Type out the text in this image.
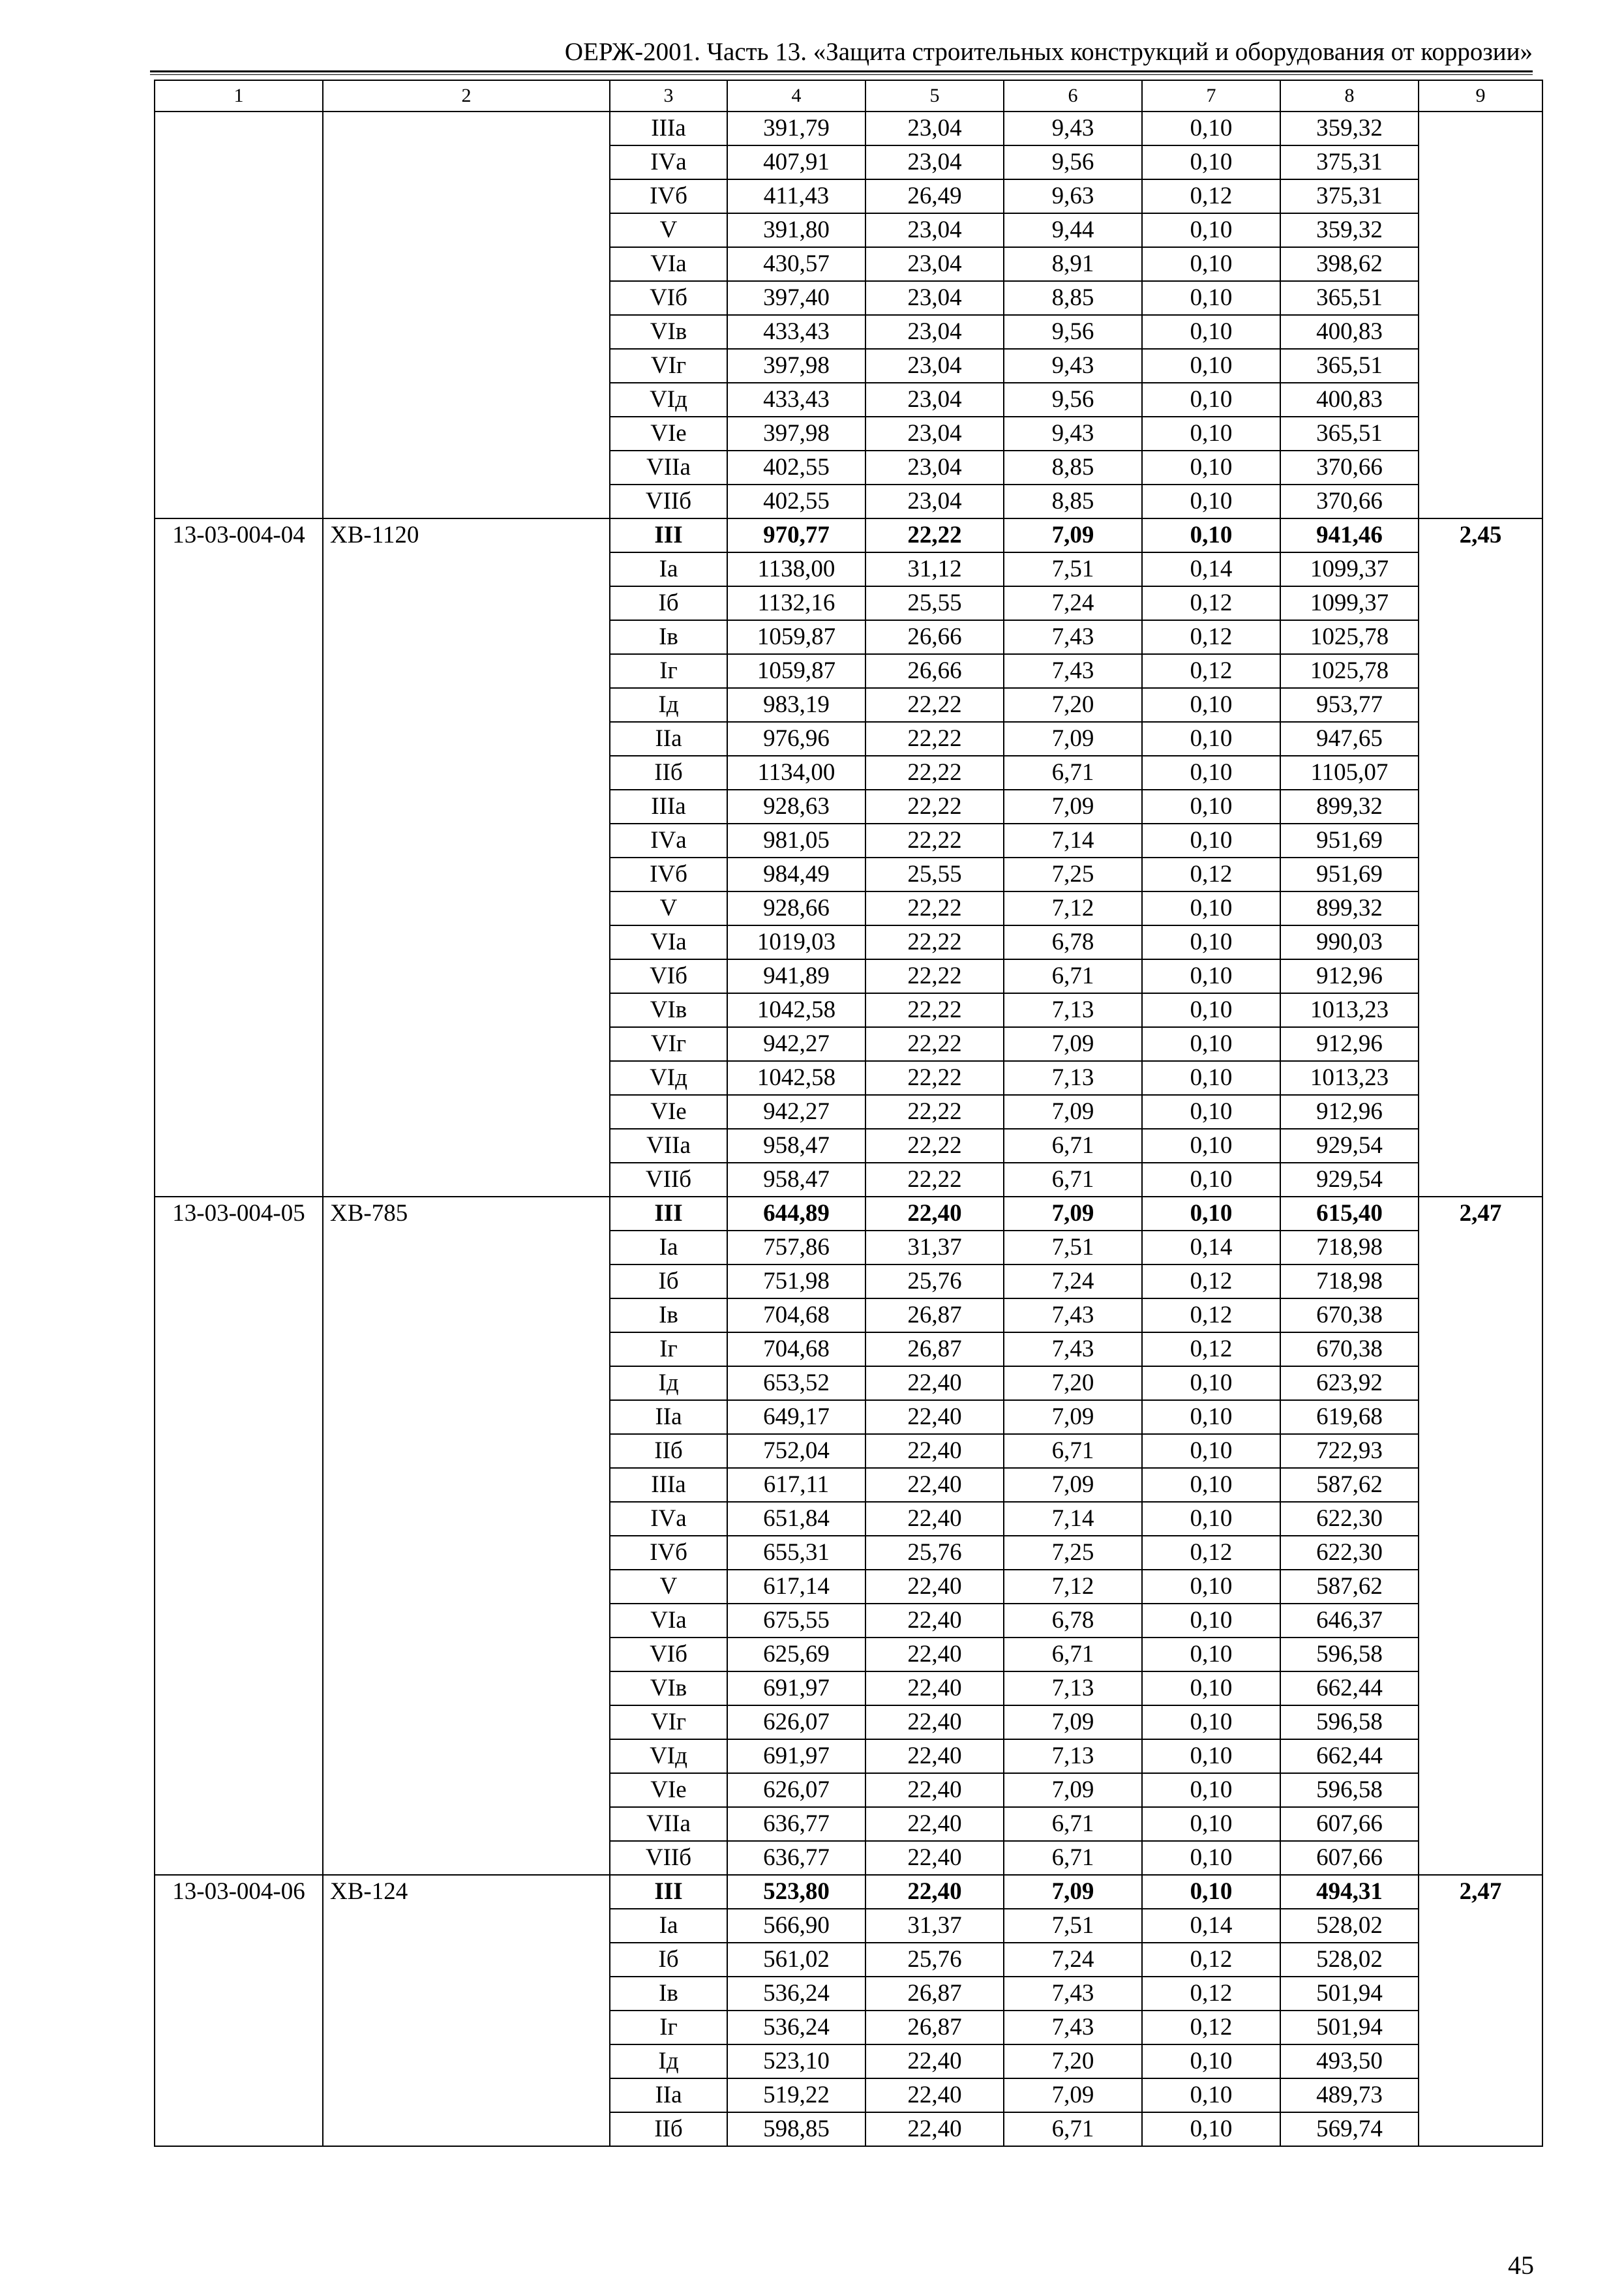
ОЕРЖ-2001. Часть 13. «Защита строительных конструкций и оборудования от коррозии»
1	2	3	4	5	6	7	8	9
		IIIа	391,79	23,04	9,43	0,10	359,32	
		IVа	407,91	23,04	9,56	0,10	375,31	
		IVб	411,43	26,49	9,63	0,12	375,31	
		V	391,80	23,04	9,44	0,10	359,32	
		VIа	430,57	23,04	8,91	0,10	398,62	
		VIб	397,40	23,04	8,85	0,10	365,51	
		VIв	433,43	23,04	9,56	0,10	400,83	
		VIг	397,98	23,04	9,43	0,10	365,51	
		VIд	433,43	23,04	9,56	0,10	400,83	
		VIе	397,98	23,04	9,43	0,10	365,51	
		VIIа	402,55	23,04	8,85	0,10	370,66	
		VIIб	402,55	23,04	8,85	0,10	370,66	
13-03-004-04	ХВ-1120	III	970,77	22,22	7,09	0,10	941,46	2,45
		Iа	1138,00	31,12	7,51	0,14	1099,37	
		Iб	1132,16	25,55	7,24	0,12	1099,37	
		Iв	1059,87	26,66	7,43	0,12	1025,78	
		Iг	1059,87	26,66	7,43	0,12	1025,78	
		Iд	983,19	22,22	7,20	0,10	953,77	
		IIа	976,96	22,22	7,09	0,10	947,65	
		IIб	1134,00	22,22	6,71	0,10	1105,07	
		IIIа	928,63	22,22	7,09	0,10	899,32	
		IVа	981,05	22,22	7,14	0,10	951,69	
		IVб	984,49	25,55	7,25	0,12	951,69	
		V	928,66	22,22	7,12	0,10	899,32	
		VIа	1019,03	22,22	6,78	0,10	990,03	
		VIб	941,89	22,22	6,71	0,10	912,96	
		VIв	1042,58	22,22	7,13	0,10	1013,23	
		VIг	942,27	22,22	7,09	0,10	912,96	
		VIд	1042,58	22,22	7,13	0,10	1013,23	
		VIе	942,27	22,22	7,09	0,10	912,96	
		VIIа	958,47	22,22	6,71	0,10	929,54	
		VIIб	958,47	22,22	6,71	0,10	929,54	
13-03-004-05	ХВ-785	III	644,89	22,40	7,09	0,10	615,40	2,47
		Iа	757,86	31,37	7,51	0,14	718,98	
		Iб	751,98	25,76	7,24	0,12	718,98	
		Iв	704,68	26,87	7,43	0,12	670,38	
		Iг	704,68	26,87	7,43	0,12	670,38	
		Iд	653,52	22,40	7,20	0,10	623,92	
		IIа	649,17	22,40	7,09	0,10	619,68	
		IIб	752,04	22,40	6,71	0,10	722,93	
		IIIа	617,11	22,40	7,09	0,10	587,62	
		IVа	651,84	22,40	7,14	0,10	622,30	
		IVб	655,31	25,76	7,25	0,12	622,30	
		V	617,14	22,40	7,12	0,10	587,62	
		VIа	675,55	22,40	6,78	0,10	646,37	
		VIб	625,69	22,40	6,71	0,10	596,58	
		VIв	691,97	22,40	7,13	0,10	662,44	
		VIг	626,07	22,40	7,09	0,10	596,58	
		VIд	691,97	22,40	7,13	0,10	662,44	
		VIе	626,07	22,40	7,09	0,10	596,58	
		VIIа	636,77	22,40	6,71	0,10	607,66	
		VIIб	636,77	22,40	6,71	0,10	607,66	
13-03-004-06	ХВ-124	III	523,80	22,40	7,09	0,10	494,31	2,47
		Iа	566,90	31,37	7,51	0,14	528,02	
		Iб	561,02	25,76	7,24	0,12	528,02	
		Iв	536,24	26,87	7,43	0,12	501,94	
		Iг	536,24	26,87	7,43	0,12	501,94	
		Iд	523,10	22,40	7,20	0,10	493,50	
		IIа	519,22	22,40	7,09	0,10	489,73	
		IIб	598,85	22,40	6,71	0,10	569,74	
45
